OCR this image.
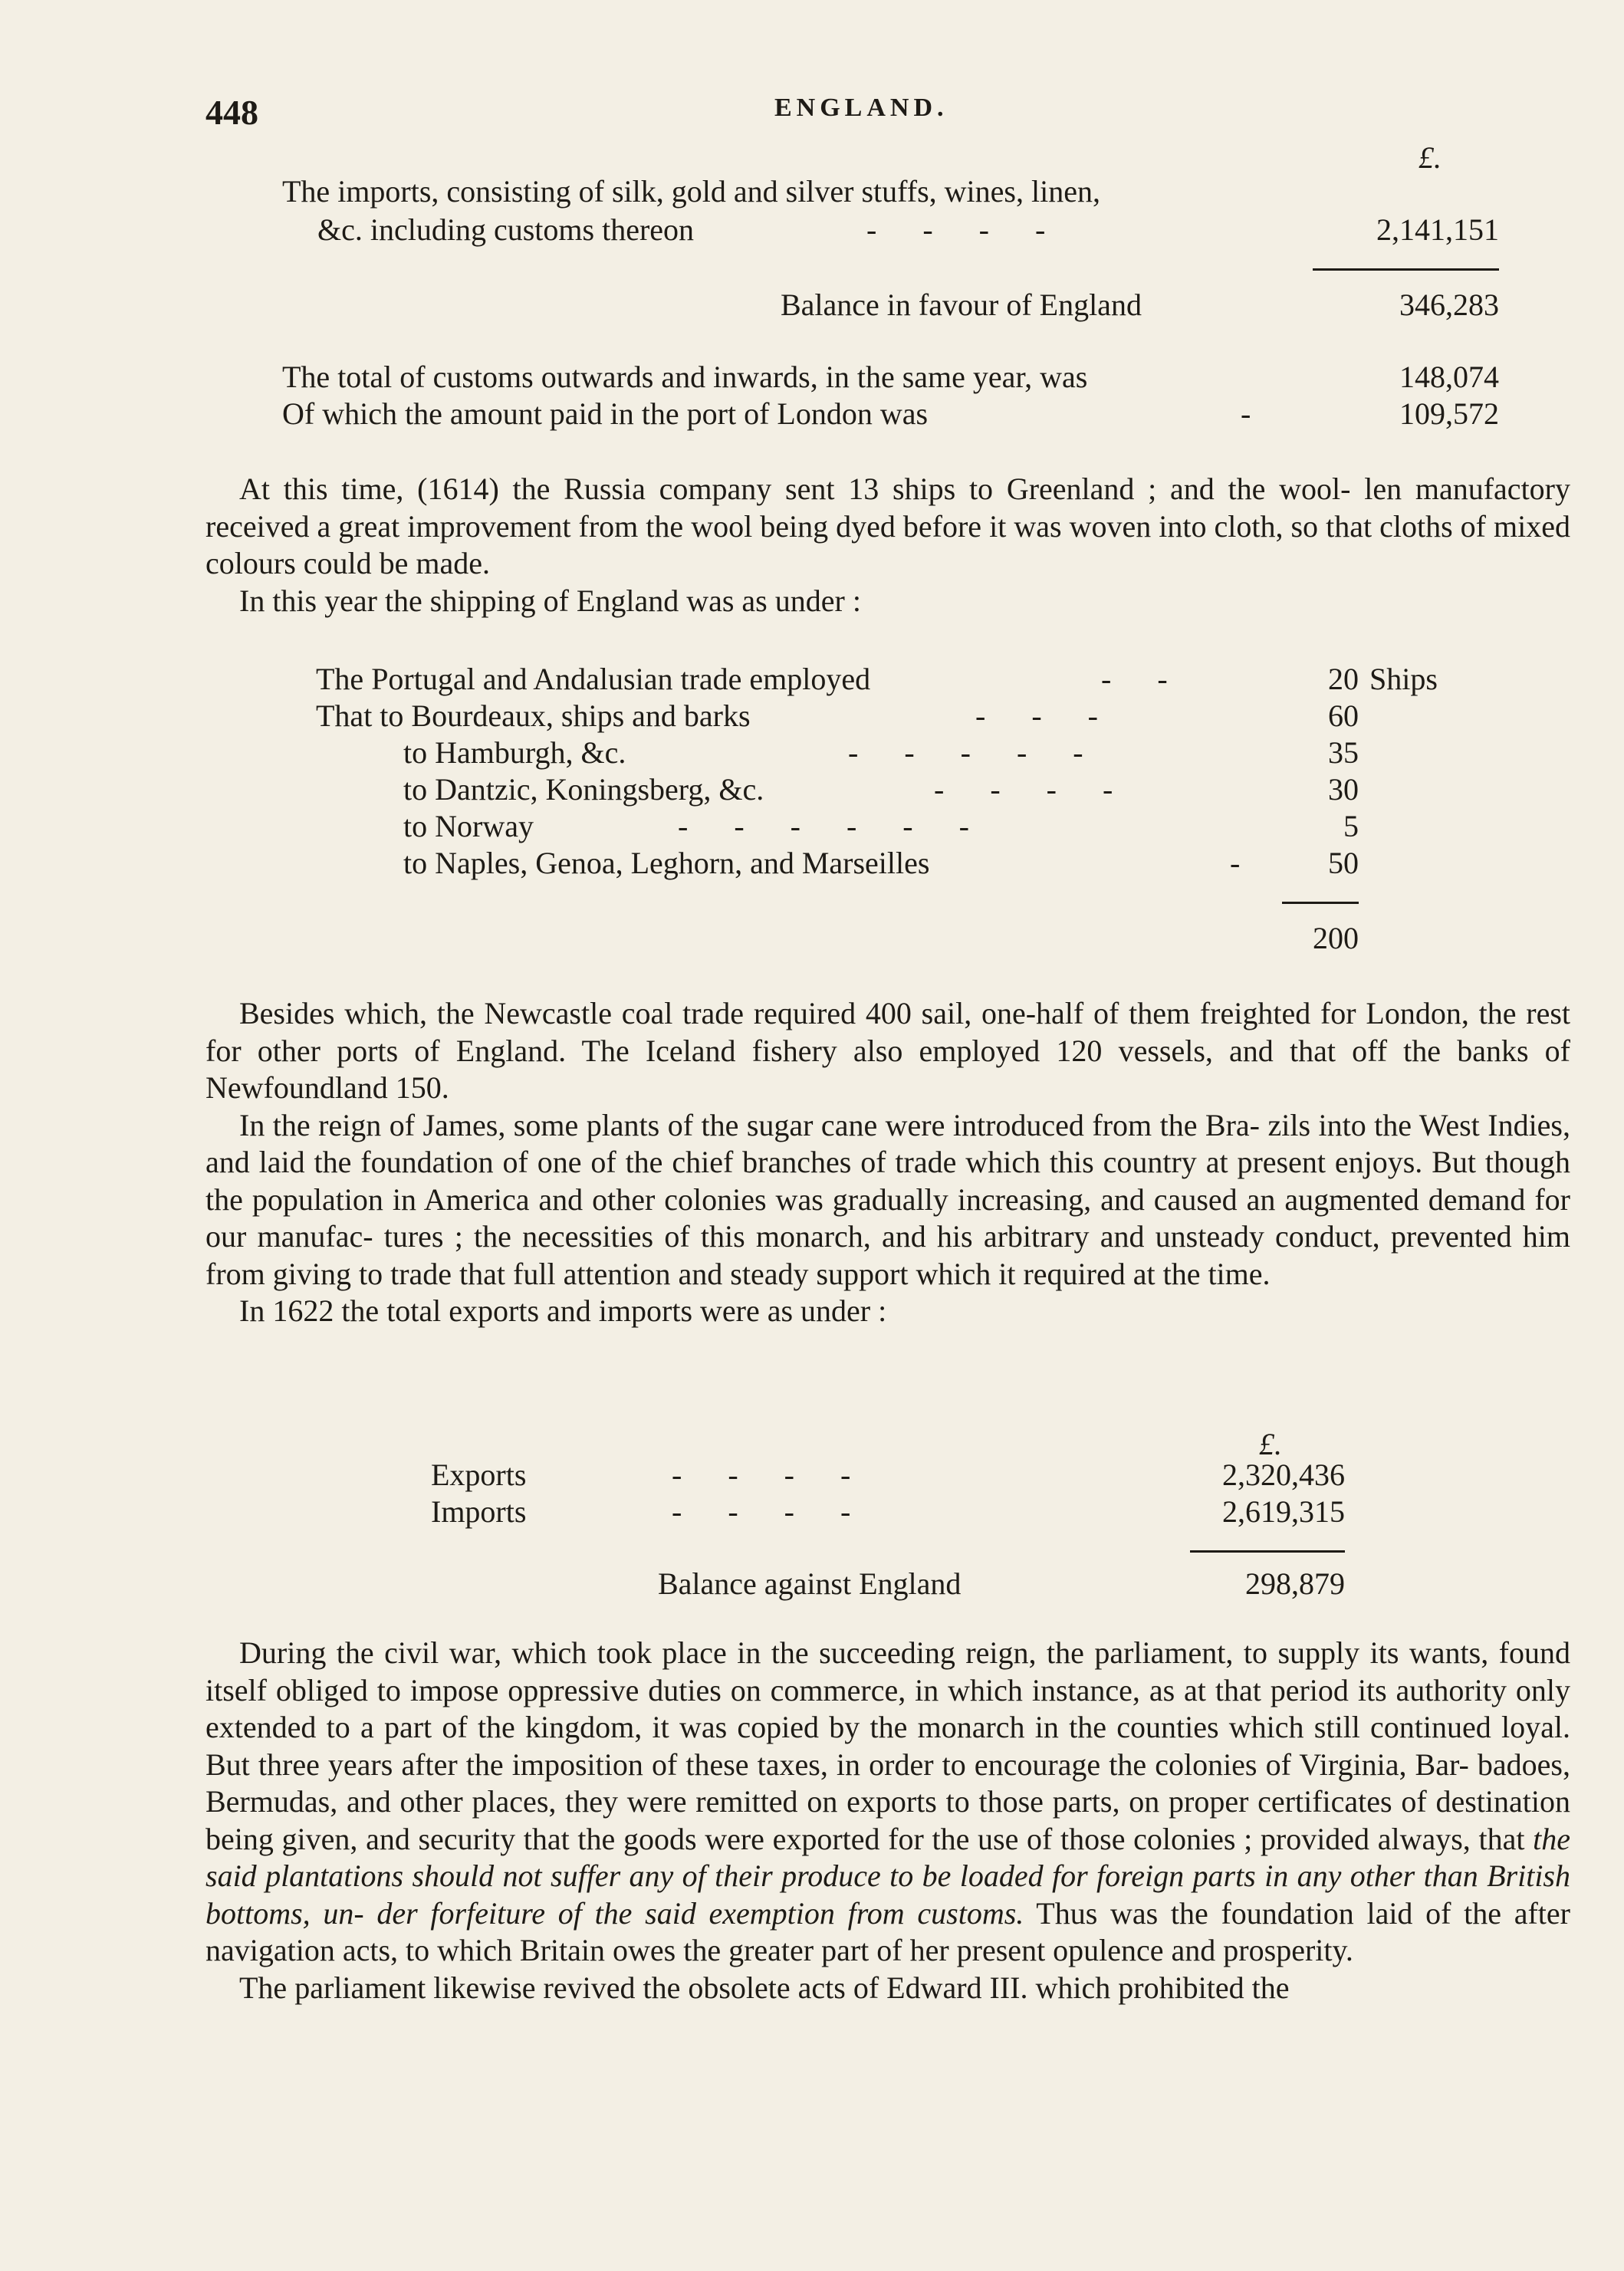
448	ENGLAND.
£.
The imports, consisting of silk, gold and silver stuffs, wines, linen,
&c. including customs thereon	-      -      -      -	2,141,151
Balance in favour of England	346,283
The total of customs outwards and inwards, in the same year, was	148,074
Of which the amount paid in the port of London was	-	109,572

At this time, (1614) the Russia company sent 13 ships to Greenland ; and the wool- len manufactory received a great improvement from the wool being dyed before it was woven into cloth, so that cloths of mixed colours could be made.

In this year the shipping of England was as under :

The Portugal and Andalusian trade employed	-      -	20 Ships
That to Bourdeaux, ships and barks	-      -      -	60
to Hamburgh, &c.	-      -      -      -      -	35
to Dantzic, Koningsberg, &c.	-      -      -      -	30
to Norway	-      -      -      -      -      -	5
to Naples, Genoa, Leghorn, and Marseilles	-	50
200

Besides which, the Newcastle coal trade required 400 sail, one-half of them freighted for London, the rest for other ports of England. The Iceland fishery also employed 120 vessels, and that off the banks of Newfoundland 150.

In the reign of James, some plants of the sugar cane were introduced from the Bra- zils into the West Indies, and laid the foundation of one of the chief branches of trade which this country at present enjoys. But though the population in America and other colonies was gradually increasing, and caused an augmented demand for our manufac- tures ; the necessities of this monarch, and his arbitrary and unsteady conduct, prevented him from giving to trade that full attention and steady support which it required at the time.

In 1622 the total exports and imports were as under :

£.
Exports	-      -      -      -	2,320,436
Imports	-      -      -      -	2,619,315
Balance against England	298,879

During the civil war, which took place in the succeeding reign, the parliament, to supply its wants, found itself obliged to impose oppressive duties on commerce, in which instance, as at that period its authority only extended to a part of the kingdom, it was copied by the monarch in the counties which still continued loyal. But three years after the imposition of these taxes, in order to encourage the colonies of Virginia, Bar- badoes, Bermudas, and other places, they were remitted on exports to those parts, on proper certificates of destination being given, and security that the goods were exported for the use of those colonies ; provided always, that the said plantations should not suffer any of their produce to be loaded for foreign parts in any other than British bottoms, un- der forfeiture of the said exemption from customs. Thus was the foundation laid of the after navigation acts, to which Britain owes the greater part of her present opulence and prosperity.

The parliament likewise revived the obsolete acts of Edward III. which prohibited the
